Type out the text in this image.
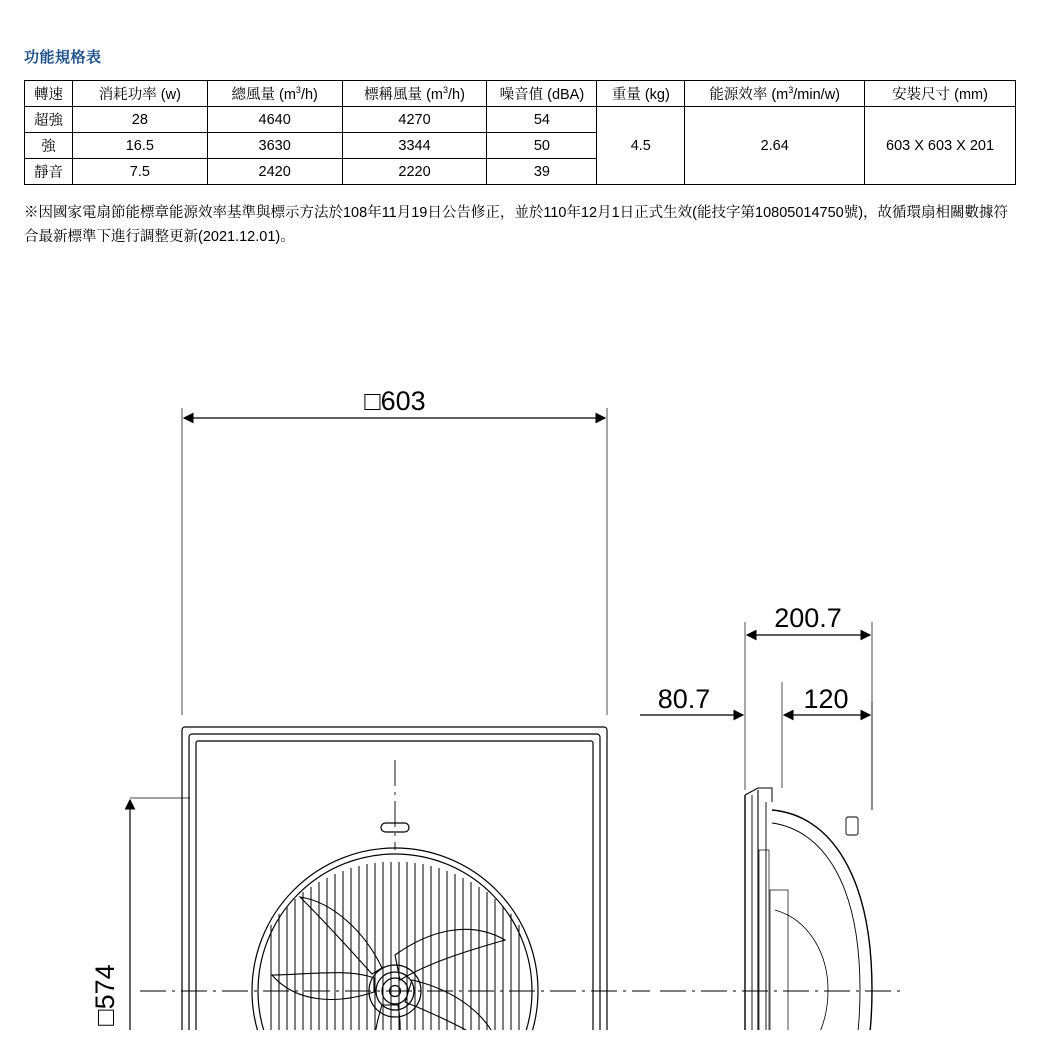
功能規格表
轉速	消耗功率 (w)	總風量 $(m^3/h)$	標稱風量 $(m^3/h)$	噪音值 (dBA)	重量 (kg)	能源效率 $(m^3/\min/w)$	安裝尺寸 (mm)
超強	28	4640	4270	54	4.5	2.64	603 X 603 X 201
強	16.5	3630	3344	50			
靜音	7.5	2420	2220	39			
※因國家電扇節能標章能源效率基準與標示方法於108年11月19日公告修正，並於110年12月1日正式生效(能技字第10805014750號)，故循環扇相關數據符合最新標準下進行調整更新(2021.12.01)。
□603
□574
200.7
80.7	120
